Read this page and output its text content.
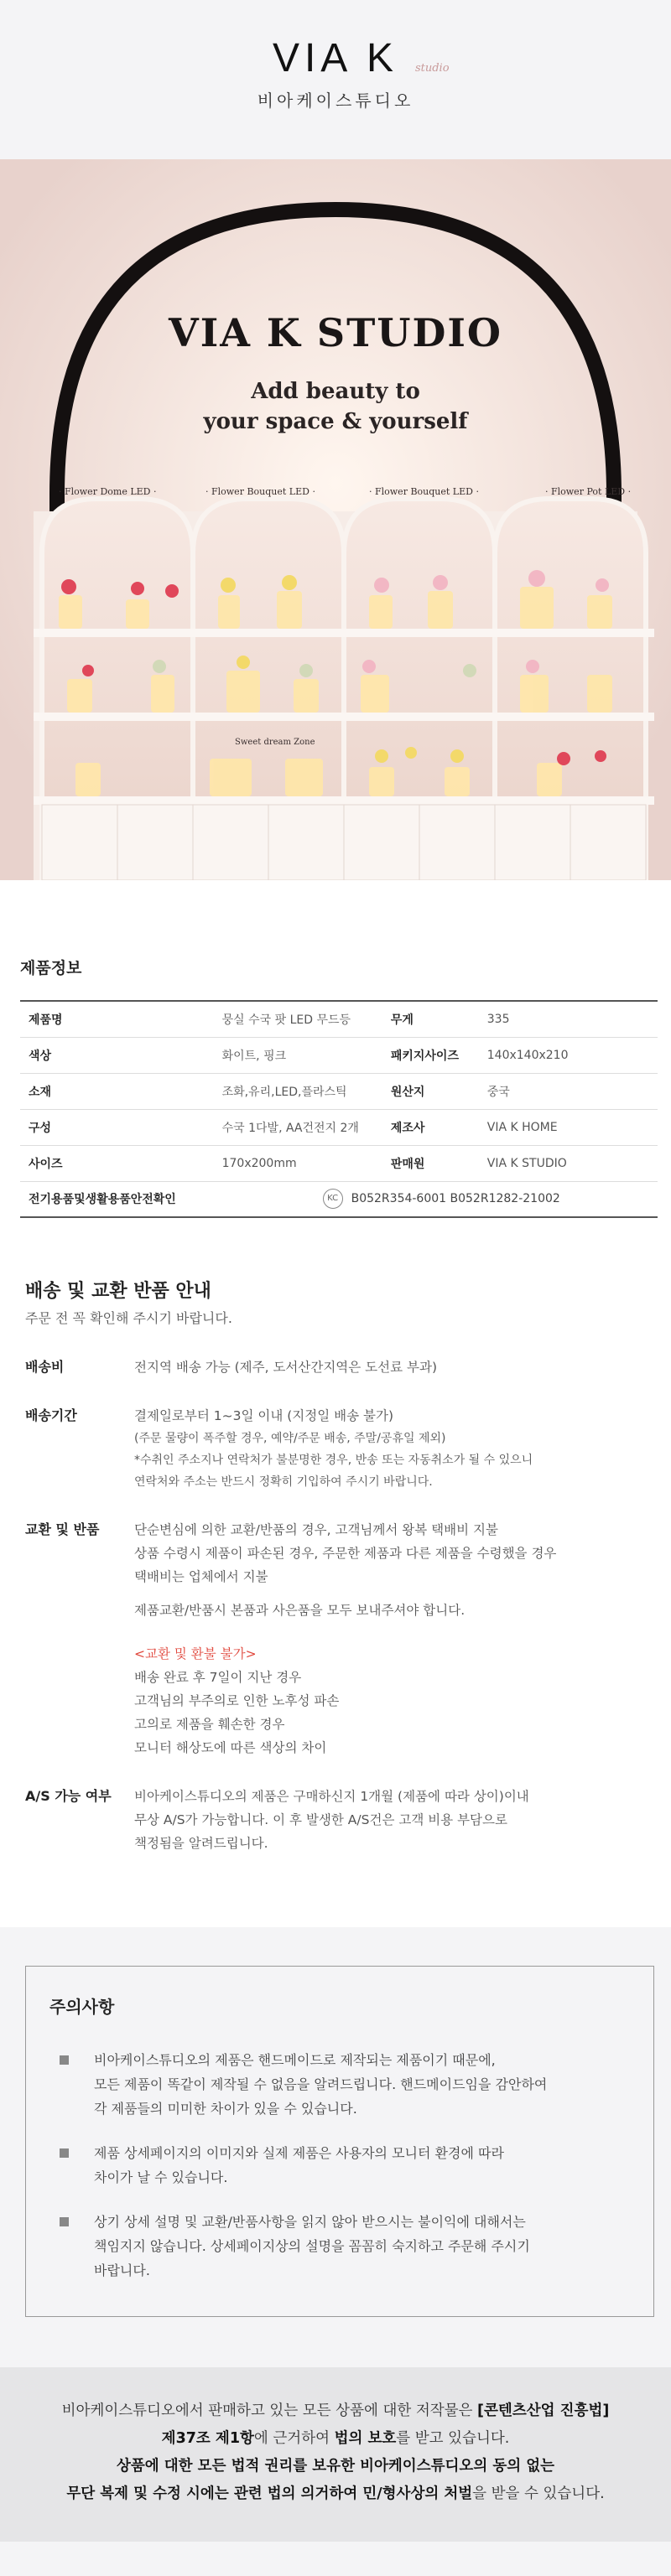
VIA K studio
비아케이스튜디오
VIA K STUDIO
Add beauty to
your space & yourself
· Flower Dome LED ·	· Flower Bouquet LED ·	· Flower Bouquet LED ·	· Flower Pot LED ·
Sweet dream Zone
제품정보
제품명	뭉실 수국 팟 LED 무드등	무게	335
색상	화이트, 핑크	패키지사이즈	140x140x210
소재	조화,유리,LED,플라스틱	원산지	중국
구성	수국 1다발, AA건전지 2개	제조사	VIA K HOME
사이즈	170x200mm	판매원	VIA K STUDIO
전기용품및생활용품안전확인	KC B052R354-6001 B052R1282-21002		
배송 및 교환 반품 안내
주문 전 꼭 확인해 주시기 바랍니다.
배송비	전지역 배송 가능 (제주, 도서산간지역은 도선료 부과)
배송기간	결제일로부터 1~3일 이내 (지정일 배송 불가)
(주문 물량이 폭주할 경우, 예약/주문 배송, 주말/공휴일 제외)
*수취인 주소지나 연락처가 불분명한 경우, 반송 또는 자동취소가 될 수 있으니
연락처와 주소는 반드시 정확히 기입하여 주시기 바랍니다.
교환 및 반품	단순변심에 의한 교환/반품의 경우, 고객님께서 왕복 택배비 지불
상품 수령시 제품이 파손된 경우, 주문한 제품과 다른 제품을 수령했을 경우
택배비는 업체에서 지불
제품교환/반품시 본품과 사은품을 모두 보내주셔야 합니다.
<교환 및 환불 불가>
배송 완료 후 7일이 지난 경우
고객님의 부주의로 인한 노후성 파손
고의로 제품을 훼손한 경우
모니터 해상도에 따른 색상의 차이
A/S 가능 여부	비아케이스튜디오의 제품은 구매하신지 1개월 (제품에 따라 상이)이내
무상 A/S가 가능합니다. 이 후 발생한 A/S건은 고객 비용 부담으로
책정됨을 알려드립니다.
주의사항
비아케이스튜디오의 제품은 핸드메이드로 제작되는 제품이기 때문에,
모든 제품이 똑같이 제작될 수 없음을 알려드립니다. 핸드메이드임을 감안하여
각 제품들의 미미한 차이가 있을 수 있습니다.
제품 상세페이지의 이미지와 실제 제품은 사용자의 모니터 환경에 따라
차이가 날 수 있습니다.
상기 상세 설명 및 교환/반품사항을 읽지 않아 받으시는 불이익에 대해서는
책임지지 않습니다. 상세페이지상의 설명을 꼼꼼히 숙지하고 주문해 주시기
바랍니다.
비아케이스튜디오에서 판매하고 있는 모든 상품에 대한 저작물은 [콘텐츠산업 진흥법]
제37조 제1항에 근거하여 법의 보호를 받고 있습니다.
상품에 대한 모든 법적 권리를 보유한 비아케이스튜디오의 동의 없는
무단 복제 및 수정 시에는 관련 법의 의거하여 민/형사상의 처벌을 받을 수 있습니다.
